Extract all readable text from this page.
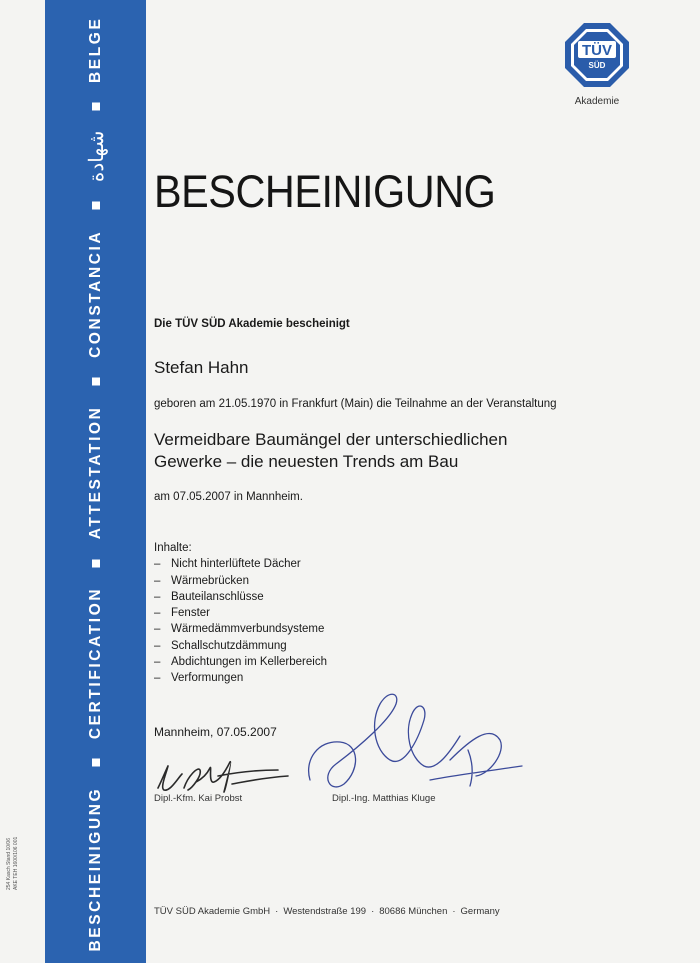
BESCHEINIGUNG
CERTIFICATION
ATTESTATION
CONSTANCIA
شهادة
BELGE
254 Kasch Stand 10/06 AKE TEH 1600/106 001
TÜV
SÜD
Akademie
BESCHEINIGUNG
Die TÜV SÜD Akademie bescheinigt
Stefan Hahn
geboren am 21.05.1970 in Frankfurt (Main) die Teilnahme an der Veranstaltung
Vermeidbare Baumängel der unterschiedlichen
Gewerke – die neuesten Trends am Bau
am 07.05.2007 in Mannheim.
Inhalte:
– Nicht hinterlüftete Dächer
– Wärmebrücken
– Bauteilanschlüsse
– Fenster
– Wärmedämmverbundsysteme
– Schallschutzdämmung
– Abdichtungen im Kellerbereich
– Verformungen
Mannheim, 07.05.2007
Dipl.-Kfm. Kai Probst	Dipl.-Ing. Matthias Kluge
TÜV SÜD Akademie GmbH · Westendstraße 199 · 80686 München · Germany
